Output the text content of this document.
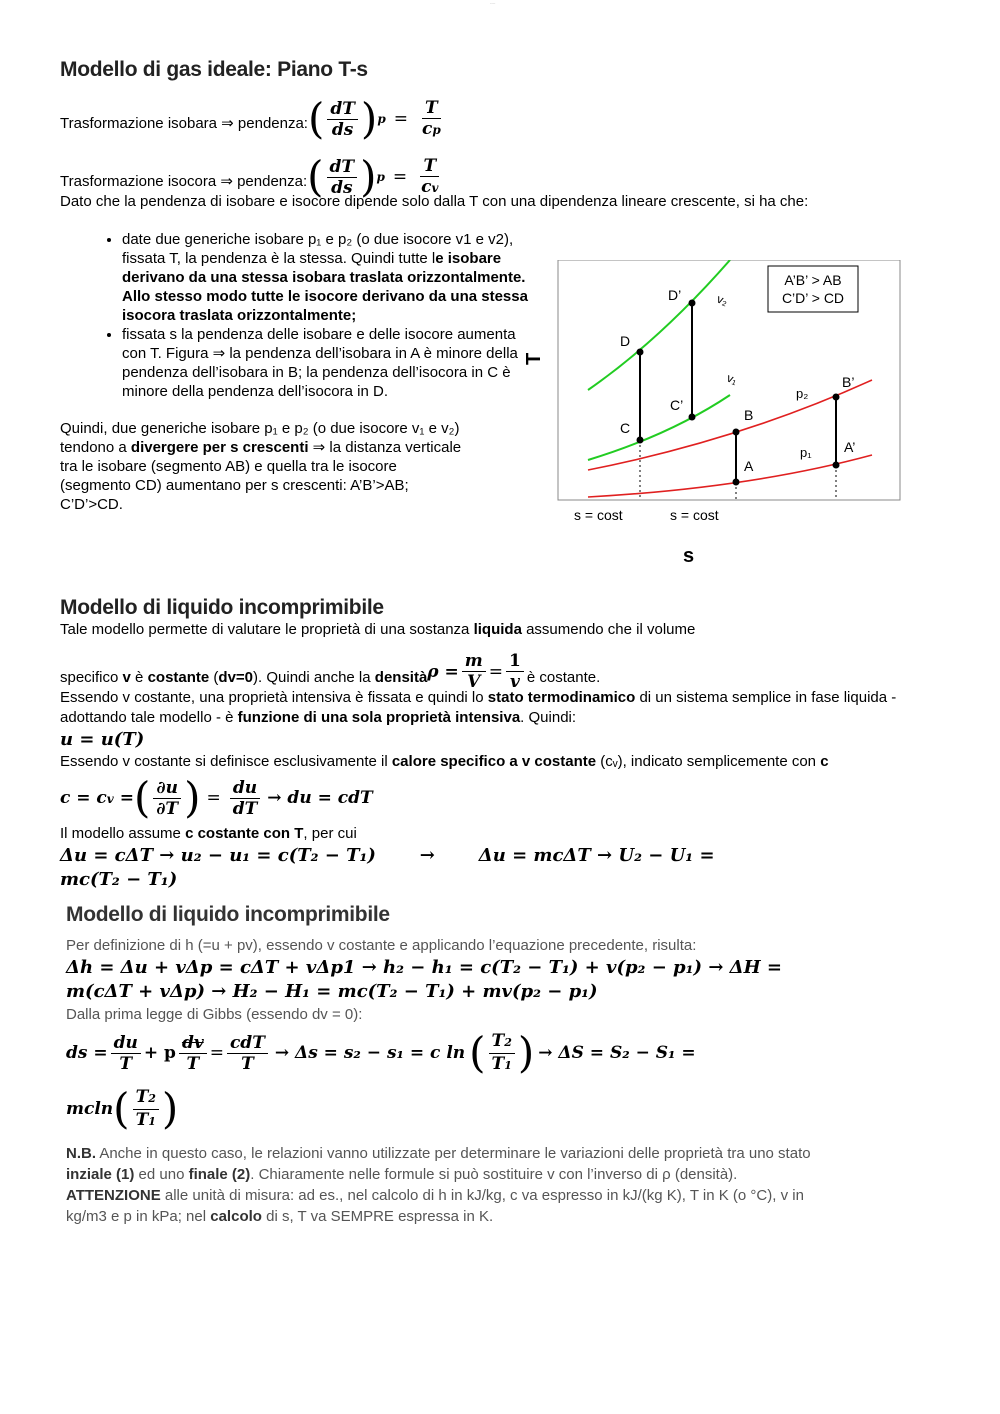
----
Modello di gas ideale: Piano T-s
Trasformazione isobara ⇒ pendenza: ( $\frac{dT}{ds}$ ) $p = \frac{T}{cp}$
Trasformazione isocora ⇒ pendenza: ( $\frac{dT}{ds}$ ) $p = \frac{T}{cv}$
Dato che la pendenza di isobare e isocore dipende solo dalla T con una dipendenza lineare crescente, si ha che:
• date due generiche isobare p₁ e p₂ (o due isocore v1 e v2), fissata T, la pendenza è la stessa. Quindi tutte le isobare derivano da una stessa isobara traslata orizzontalmente. Allo stesso modo tutte le isocore derivano da una stessa isocora traslata orizzontalmente;
• fissata s la pendenza delle isobare e delle isocore aumenta con T. Figura ⇒ la pendenza dell’isobara in A è minore della pendenza dell’isobara in B; la pendenza dell’isocora in C è minore della pendenza dell’isocora in D.
Quindi, due generiche isobare p₁ e p₂ (o due isocore v₁ e v₂) tendono a divergere per s crescenti ⇒ la distanza verticale tra le isobare (segmento AB) e quella tra le isocore (segmento CD) aumentano per s crescenti: A’B’>AB; C’D’>CD.
T
D
C
D’
C’
B
A
B’
A’
p₂
p₁
v₁
v₂
A’B’ > AB
C’D’ > CD
s = cost	s = cost
s
Modello di liquido incomprimibile
Tale modello permette di valutare le proprietà di una sostanza liquida assumendo che il volume
specifico v è costante (dv=0). Quindi anche la densità $\rho = \frac{m}{V} = \frac{1}{v}$ è costante.
Essendo v costante, una proprietà intensiva è fissata e quindi lo stato termodinamico di un sistema semplice in fase liquida - adottando tale modello - è funzione di una sola proprietà intensiva. Quindi:
u = u(T)
Essendo v costante si definisce esclusivamente il calore specifico a v costante (cᵥ), indicato semplicemente con c
c = cv = ( $\frac{\partial u}{\partial T}$ ) = $\frac{du}{dT}$ → du = cdT
Il modello assume c costante con T, per cui
Δu = cΔT → u₂ − u₁ = c(T₂ − T₁)       →       Δu = mcΔT → U₂ − U₁ =
mc(T₂ − T₁)
Modello di liquido incomprimibile
Per definizione di h (=u + pv), essendo v costante e applicando l’equazione precedente, risulta:
Δh = Δu + vΔp = cΔT + vΔp1 → h₂ − h₁ = c(T₂ − T₁) + v(p₂ − p₁) → ΔH =
m(cΔT + vΔp) → H₂ − H₁ = mc(T₂ − T₁) + mv(p₂ − p₁)
Dalla prima legge di Gibbs (essendo dv = 0):
ds = $\frac{du}{T} + p \frac{dv}{T} = \frac{\text{cdT}}{T} \to \Delta s = s_2 - s_1 = c$ ln ( $\frac{T2}{T1}$ ) → ΔS = S₂ − S₁ =
mcln ( $\frac{T2}{T1}$ )
N.B. Anche in questo caso, le relazioni vanno utilizzate per determinare le variazioni delle proprietà tra uno stato inziale (1) ed uno finale (2). Chiaramente nelle formule si può sostituire v con l’inverso di ρ (densità). ATTENZIONE alle unità di misura: ad es., nel calcolo di h in kJ/kg, c va espresso in kJ/(kg K), T in K (o °C), v in kg/m3 e p in kPa; nel calcolo di s, T va SEMPRE espressa in K.
